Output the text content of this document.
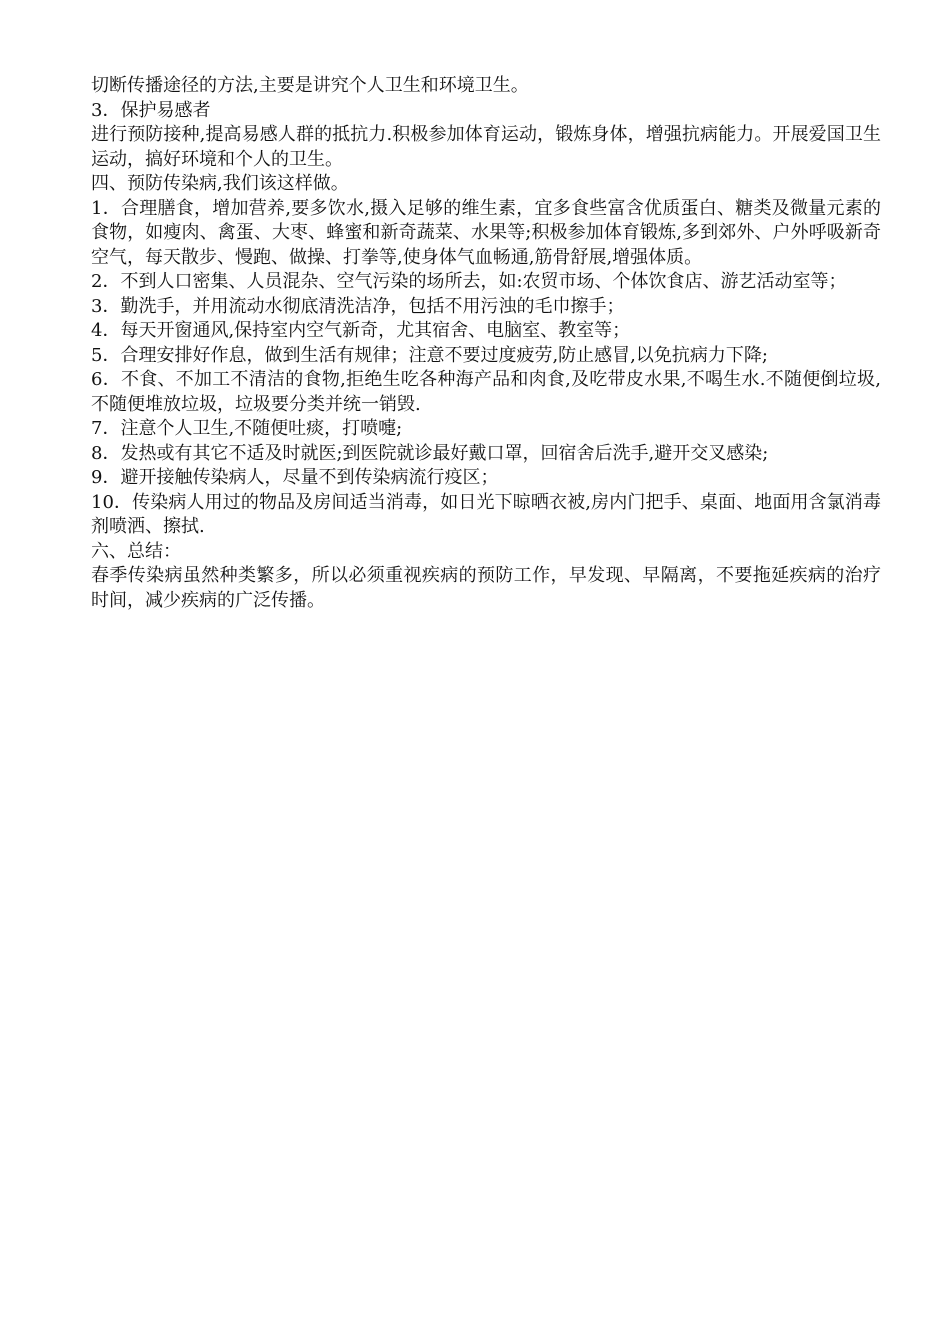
切断传播途径的方法,主要是讲究个人卫生和环境卫生。

3．保护易感者

进行预防接种,提高易感人群的抵抗力.积极参加体育运动，锻炼身体，增强抗病能力。开展爱国卫生运动，搞好环境和个人的卫生。

四、预防传染病,我们该这样做。

1．合理膳食，增加营养,要多饮水,摄入足够的维生素，宜多食些富含优质蛋白、糖类及微量元素的食物，如瘦肉、禽蛋、大枣、蜂蜜和新奇蔬菜、水果等;积极参加体育锻炼,多到郊外、户外呼吸新奇空气，每天散步、慢跑、做操、打拳等,使身体气血畅通,筋骨舒展,增强体质。

2．不到人口密集、人员混杂、空气污染的场所去，如:农贸市场、个体饮食店、游艺活动室等；

3．勤洗手，并用流动水彻底清洗洁净，包括不用污浊的毛巾擦手；

4．每天开窗通风,保持室内空气新奇，尤其宿舍、电脑室、教室等；

5．合理安排好作息，做到生活有规律；注意不要过度疲劳,防止感冒,以免抗病力下降;

6．不食、不加工不清洁的食物,拒绝生吃各种海产品和肉食,及吃带皮水果,不喝生水.不随便倒垃圾,不随便堆放垃圾，垃圾要分类并统一销毁.

7．注意个人卫生,不随便吐痰，打喷嚏;

8．发热或有其它不适及时就医;到医院就诊最好戴口罩，回宿舍后洗手,避开交叉感染;

9．避开接触传染病人，尽量不到传染病流行疫区；

10．传染病人用过的物品及房间适当消毒，如日光下晾晒衣被,房内门把手、桌面、地面用含氯消毒剂喷洒、擦拭.

六、总结：

春季传染病虽然种类繁多，所以必须重视疾病的预防工作，早发现、早隔离，不要拖延疾病的治疗时间，减少疾病的广泛传播。
